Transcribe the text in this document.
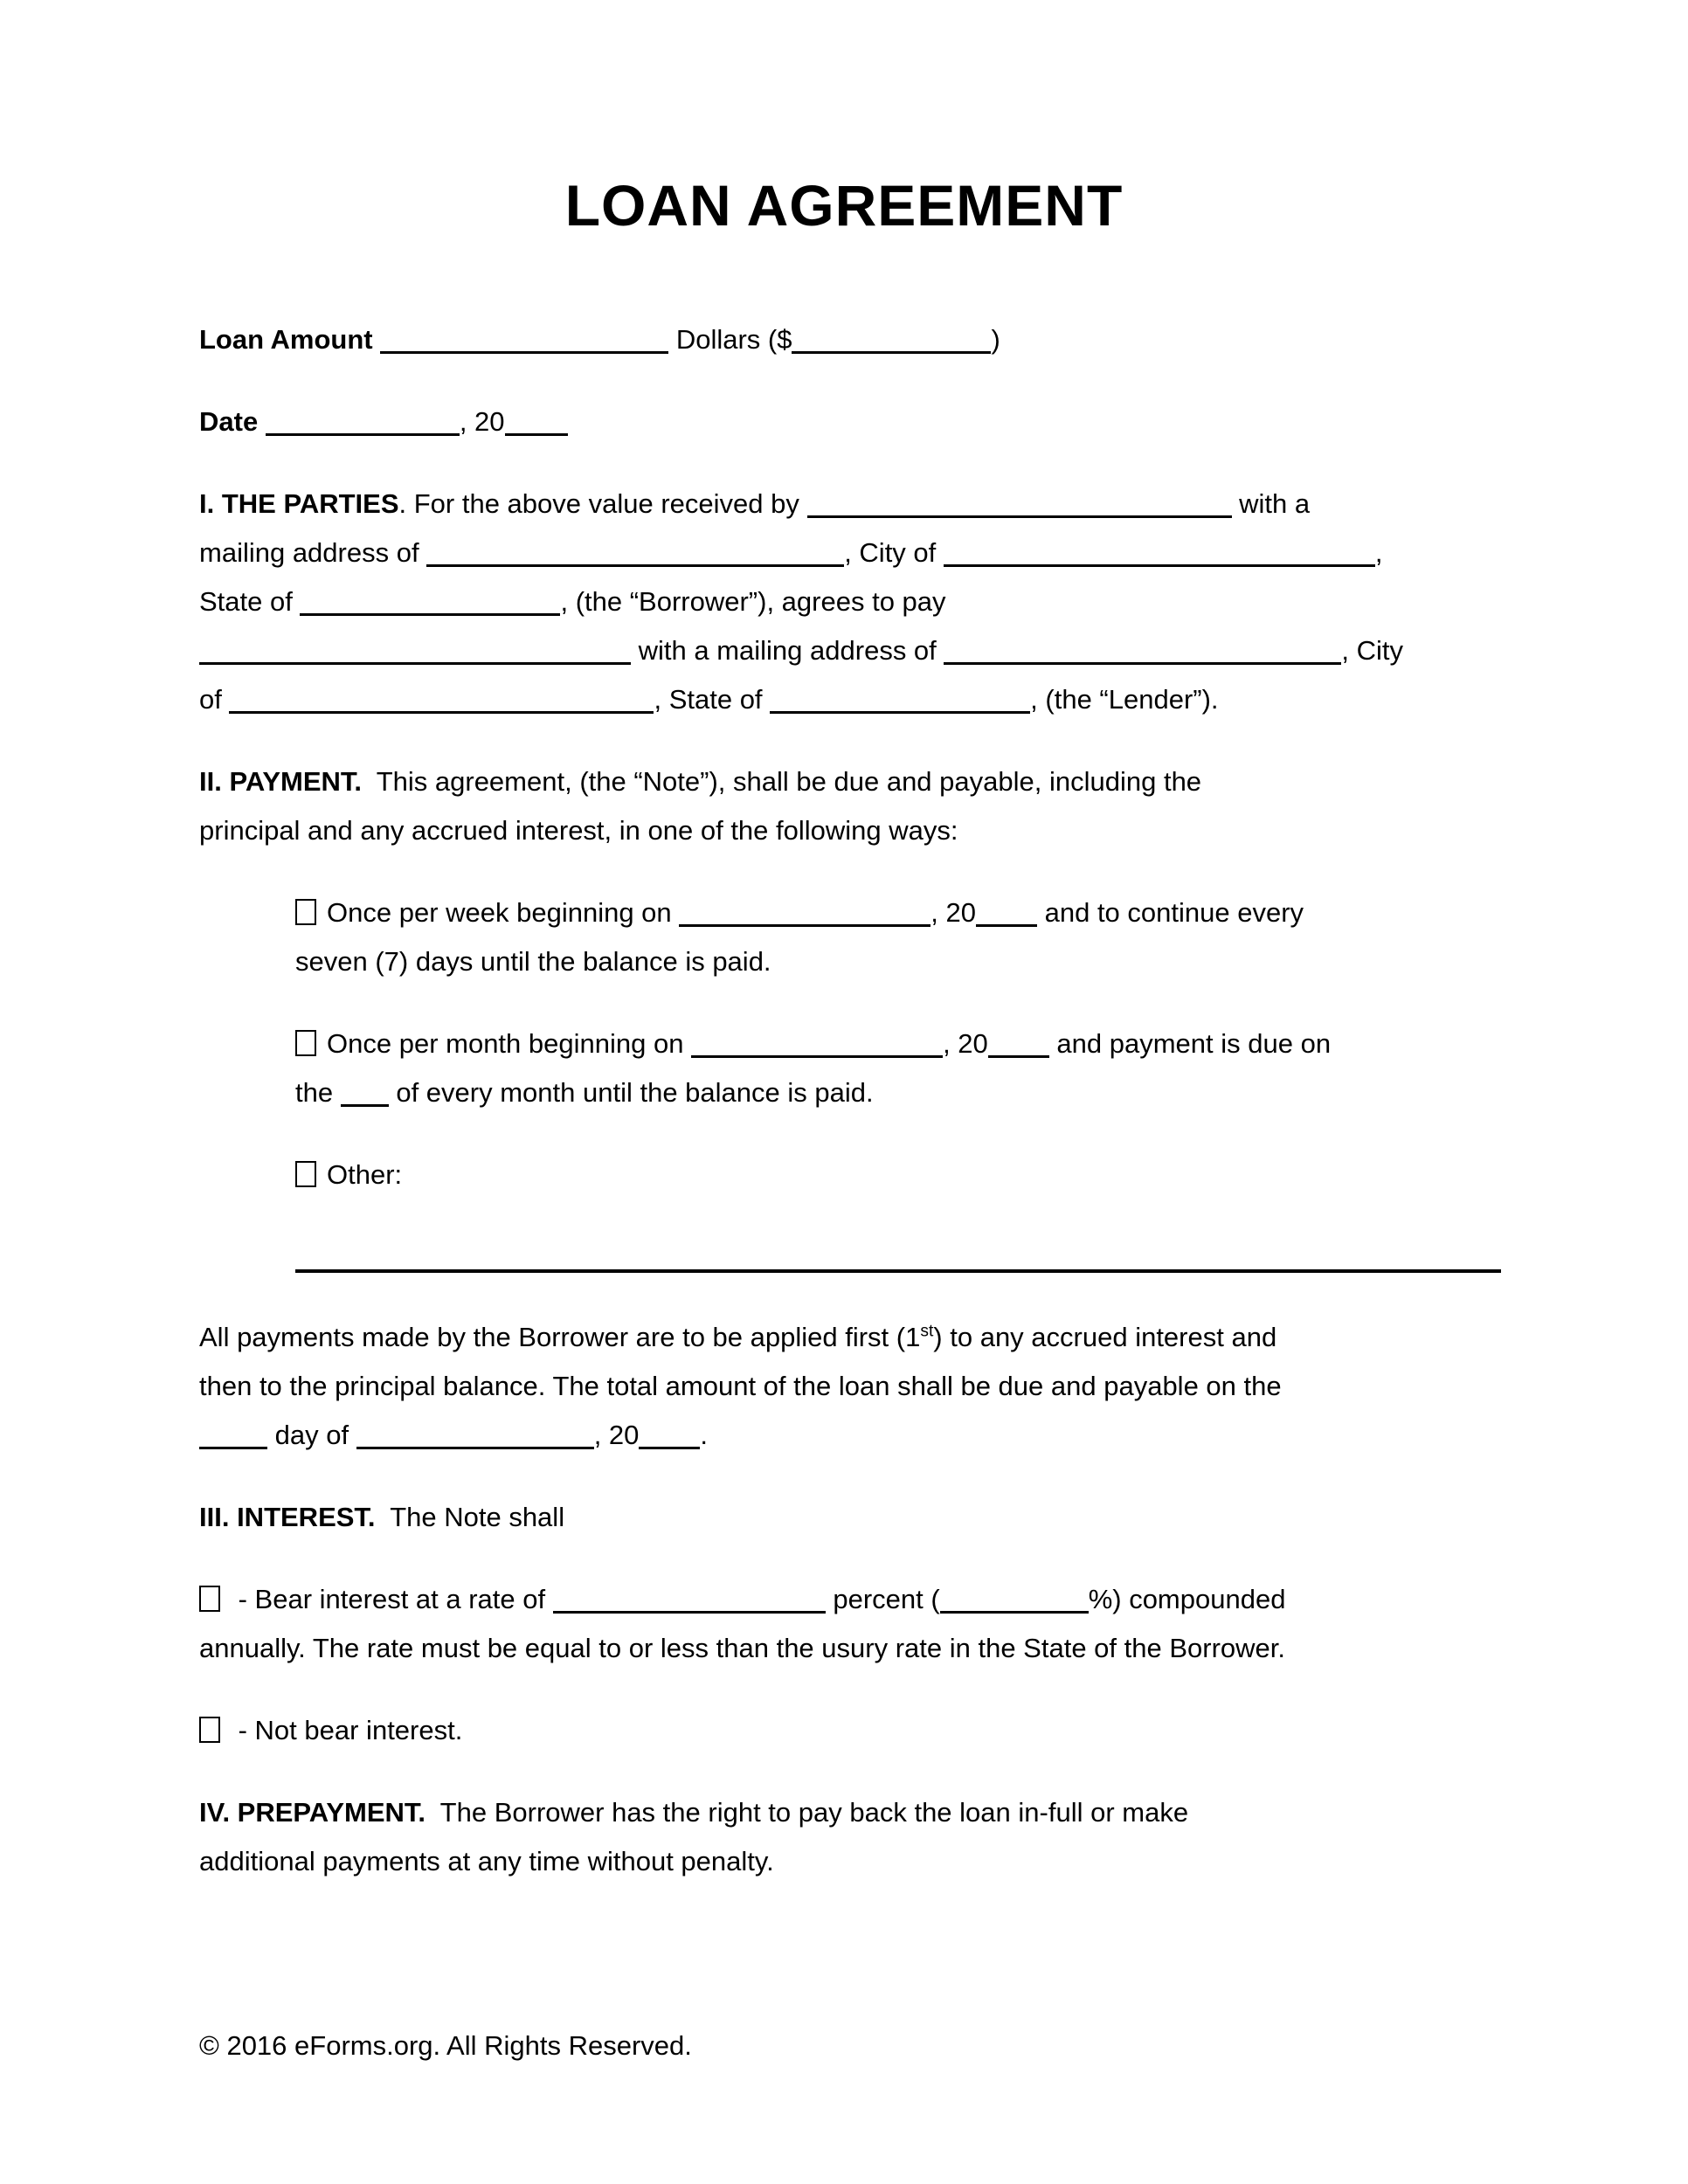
LOAN AGREEMENT
Loan Amount	Dollars ($	)
Date	, 20
I. THE PARTIES. For the above value received by	with a
mailing address of	, City of	,
State of	, (the “Borrower”), agrees to pay
with a mailing address of	, City
of	, State of	, (the “Lender”).
II. PAYMENT.  This agreement, (the “Note”), shall be due and payable, including the
principal and any accrued interest, in one of the following ways:
Once per week beginning on	, 20 and to continue every
seven (7) days until the balance is paid.
Once per month beginning on	, 20 and payment is due on
the  of every month until the balance is paid.
Other:
All payments made by the Borrower are to be applied first (1st) to any accrued interest and
then to the principal balance. The total amount of the loan shall be due and payable on the
day of	, 20 .
III. INTEREST.  The Note shall
- Bear interest at a rate of	percent (	%) compounded
annually. The rate must be equal to or less than the usury rate in the State of the Borrower.
- Not bear interest.
IV. PREPAYMENT.  The Borrower has the right to pay back the loan in-full or make
additional payments at any time without penalty.
© 2016 eForms.org. All Rights Reserved.
